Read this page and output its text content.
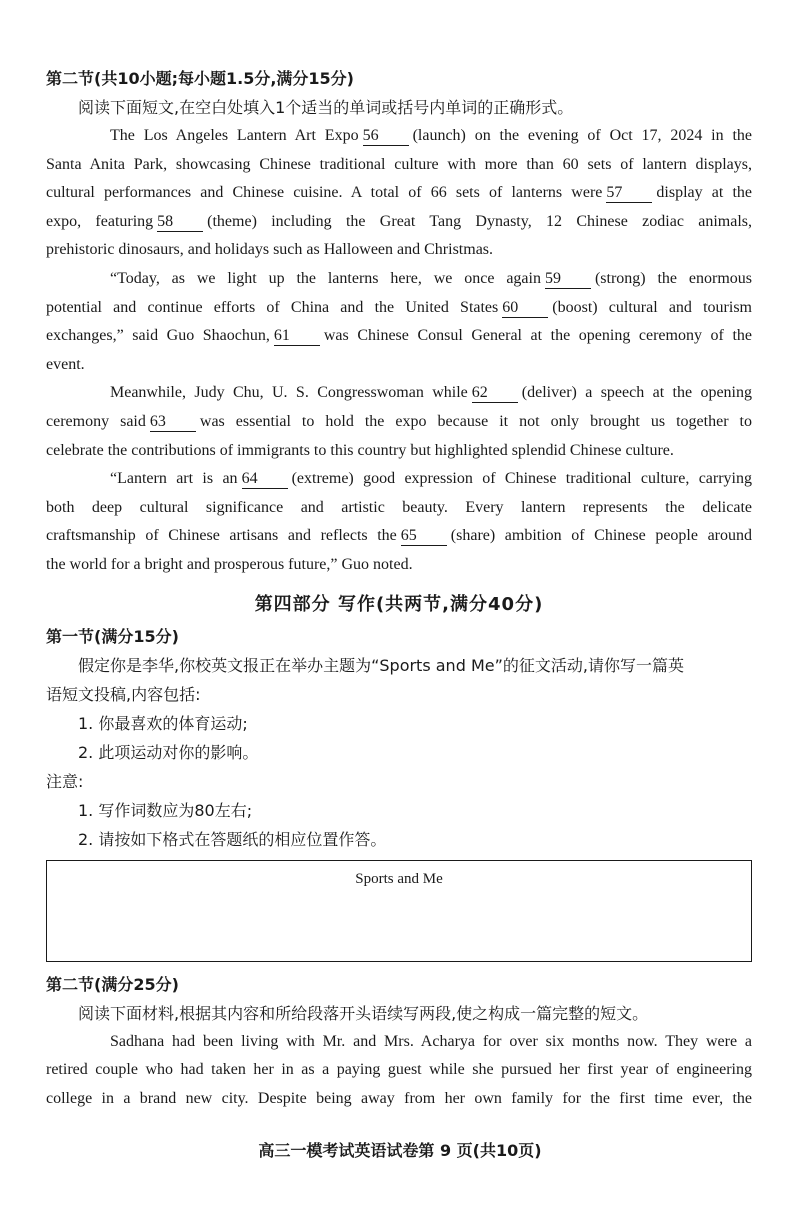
第二节(共10小题;每小题1.5分,满分15分)
阅读下面短文,在空白处填入1个适当的单词或括号内单词的正确形式。
The Los Angeles Lantern Art Expo 56 (launch) on the evening of Oct 17, 2024 in the
Santa Anita Park, showcasing Chinese traditional culture with more than 60 sets of lantern displays,
cultural performances and Chinese cuisine. A total of 66 sets of lanterns were 57 display at the
expo, featuring 58 (theme) including the Great Tang Dynasty, 12 Chinese zodiac animals,
prehistoric dinosaurs, and holidays such as Halloween and Christmas.
“Today, as we light up the lanterns here, we once again 59 (strong) the enormous
potential and continue efforts of China and the United States 60 (boost) cultural and tourism
exchanges,” said Guo Shaochun, 61 was Chinese Consul General at the opening ceremony of the
event.
Meanwhile, Judy Chu, U. S. Congresswoman while 62 (deliver) a speech at the opening
ceremony said 63 was essential to hold the expo because it not only brought us together to
celebrate the contributions of immigrants to this country but highlighted splendid Chinese culture.
“Lantern art is an 64 (extreme) good expression of Chinese traditional culture, carrying
both deep cultural significance and artistic beauty. Every lantern represents the delicate
craftsmanship of Chinese artisans and reflects the 65 (share) ambition of Chinese people around
the world for a bright and prosperous future,” Guo noted.
第四部分 写作(共两节,满分40分)
第一节(满分15分)
假定你是李华,你校英文报正在举办主题为“Sports and Me”的征文活动,请你写一篇英
语短文投稿,内容包括:
1. 你最喜欢的体育运动;
2. 此项运动对你的影响。
注意:
1. 写作词数应为80左右;
2. 请按如下格式在答题纸的相应位置作答。
Sports and Me
第二节(满分25分)
阅读下面材料,根据其内容和所给段落开头语续写两段,使之构成一篇完整的短文。
Sadhana had been living with Mr. and Mrs. Acharya for over six months now. They were a
retired couple who had taken her in as a paying guest while she pursued her first year of engineering
college in a brand new city. Despite being away from her own family for the first time ever, the
高三一模考试英语试卷第 9 页(共10页)
